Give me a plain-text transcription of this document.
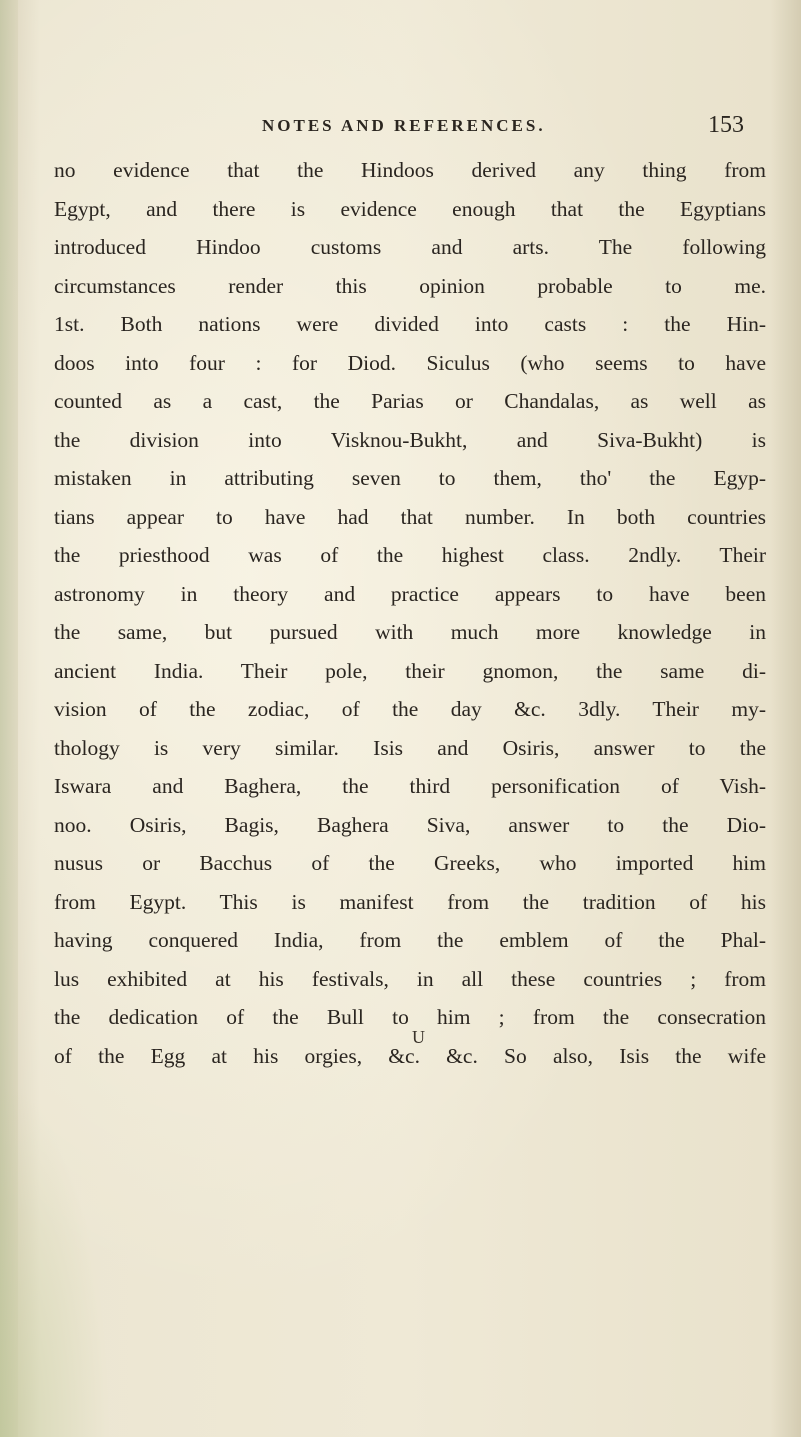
NOTES AND REFERENCES.	153
no evidence that the Hindoos derived any thing from
Egypt, and there is evidence enough that the Egyptians
introduced Hindoo customs and arts. The following
circumstances render this opinion probable to me.
1st. Both nations were divided into casts : the Hin-
doos into four : for Diod. Siculus (who seems to have
counted as a cast, the Parias or Chandalas, as well as
the division into Visknou-Bukht, and Siva-Bukht) is
mistaken in attributing seven to them, tho' the Egyp-
tians appear to have had that number. In both countries
the priesthood was of the highest class. 2ndly. Their
astronomy in theory and practice appears to have been
the same, but pursued with much more knowledge in
ancient India. Their pole, their gnomon, the same di-
vision of the zodiac, of the day &c. 3dly. Their my-
thology is very similar. Isis and Osiris, answer to the
Iswara and Baghera, the third personification of Vish-
noo. Osiris, Bagis, Baghera Siva, answer to the Dio-
nusus or Bacchus of the Greeks, who imported him
from Egypt. This is manifest from the tradition of his
having conquered India, from the emblem of the Phal-
lus exhibited at his festivals, in all these countries ; from
the dedication of the Bull to him ; from the consecration
of the Egg at his orgies, &c. &c. So also, Isis the wife
U
